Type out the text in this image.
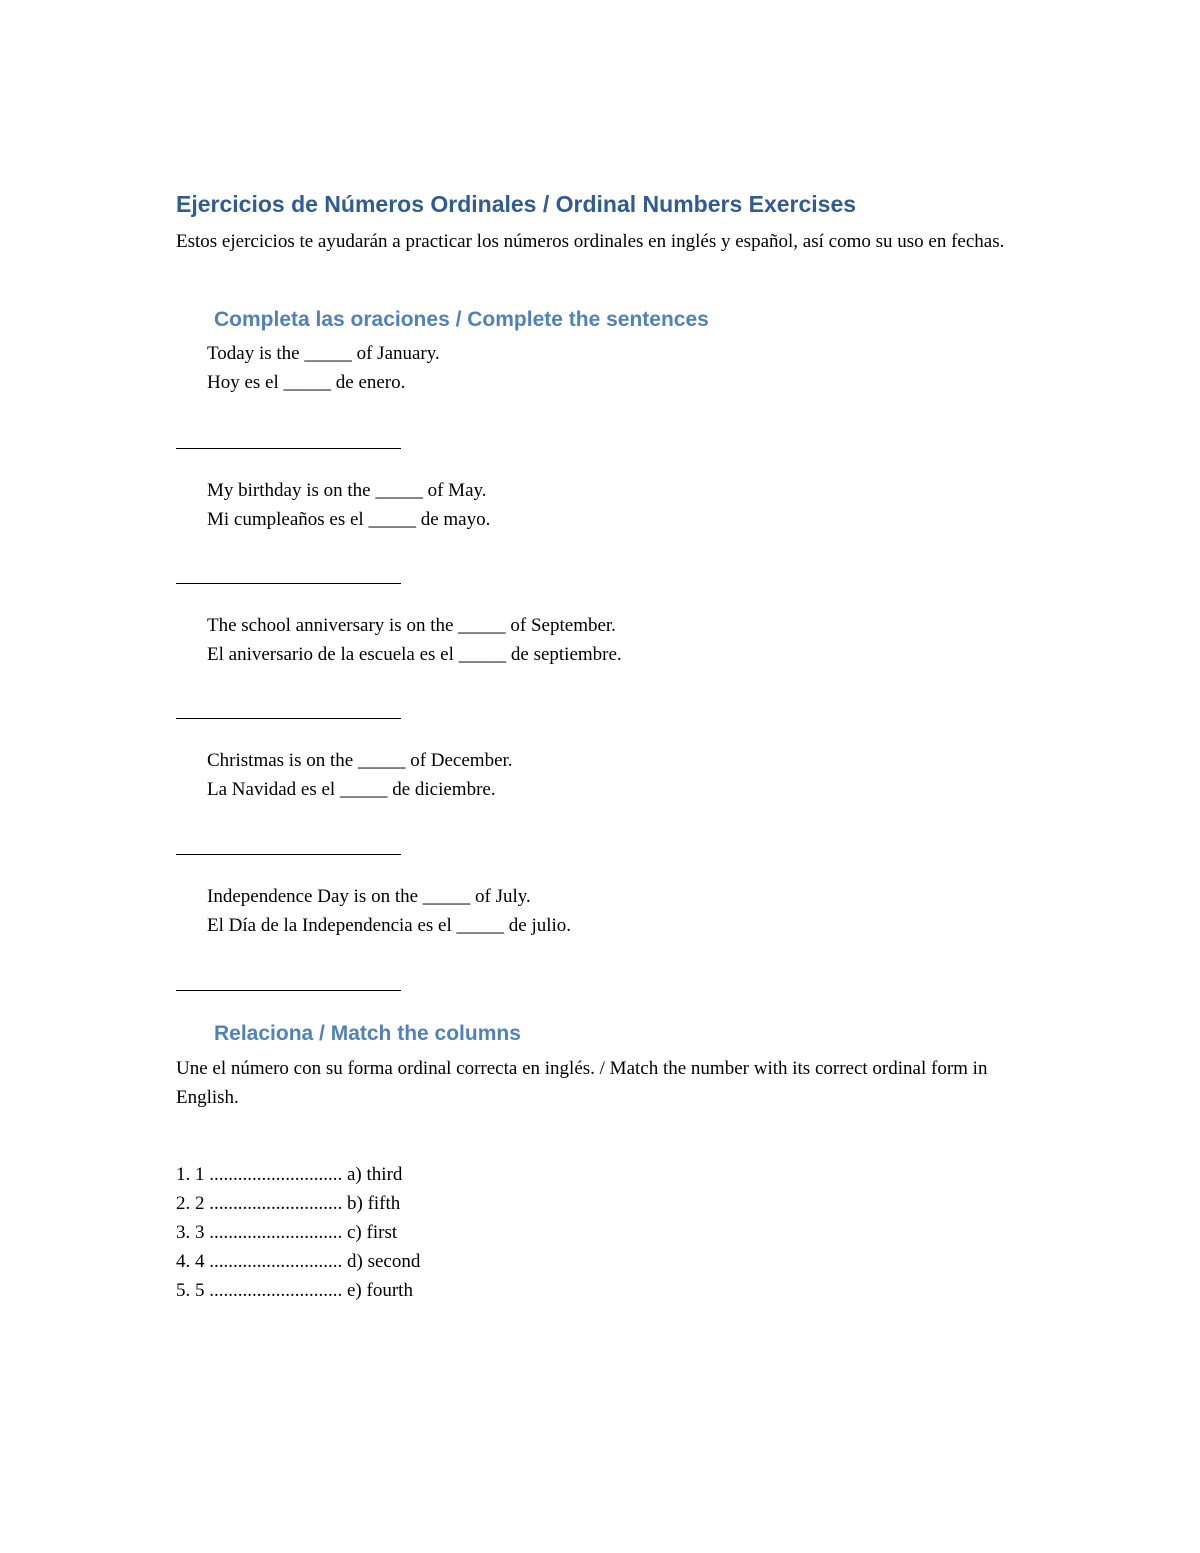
Ejercicios de Números Ordinales / Ordinal Numbers Exercises
Estos ejercicios te ayudarán a practicar los números ordinales en inglés y español, así como su uso en fechas.
Completa las oraciones / Complete the sentences
Today is the _____ of January.
Hoy es el _____ de enero.
My birthday is on the _____ of May.
Mi cumpleaños es el _____ de mayo.
The school anniversary is on the _____ of September.
El aniversario de la escuela es el _____ de septiembre.
Christmas is on the _____ of December.
La Navidad es el _____ de diciembre.
Independence Day is on the _____ of July.
El Día de la Independencia es el _____ de julio.
Relaciona / Match the columns
Une el número con su forma ordinal correcta en inglés. / Match the number with its correct ordinal form in English.
1. 1 ............................ a) third
2. 2 ............................ b) fifth
3. 3 ............................ c) first
4. 4 ............................ d) second
5. 5 ............................ e) fourth
